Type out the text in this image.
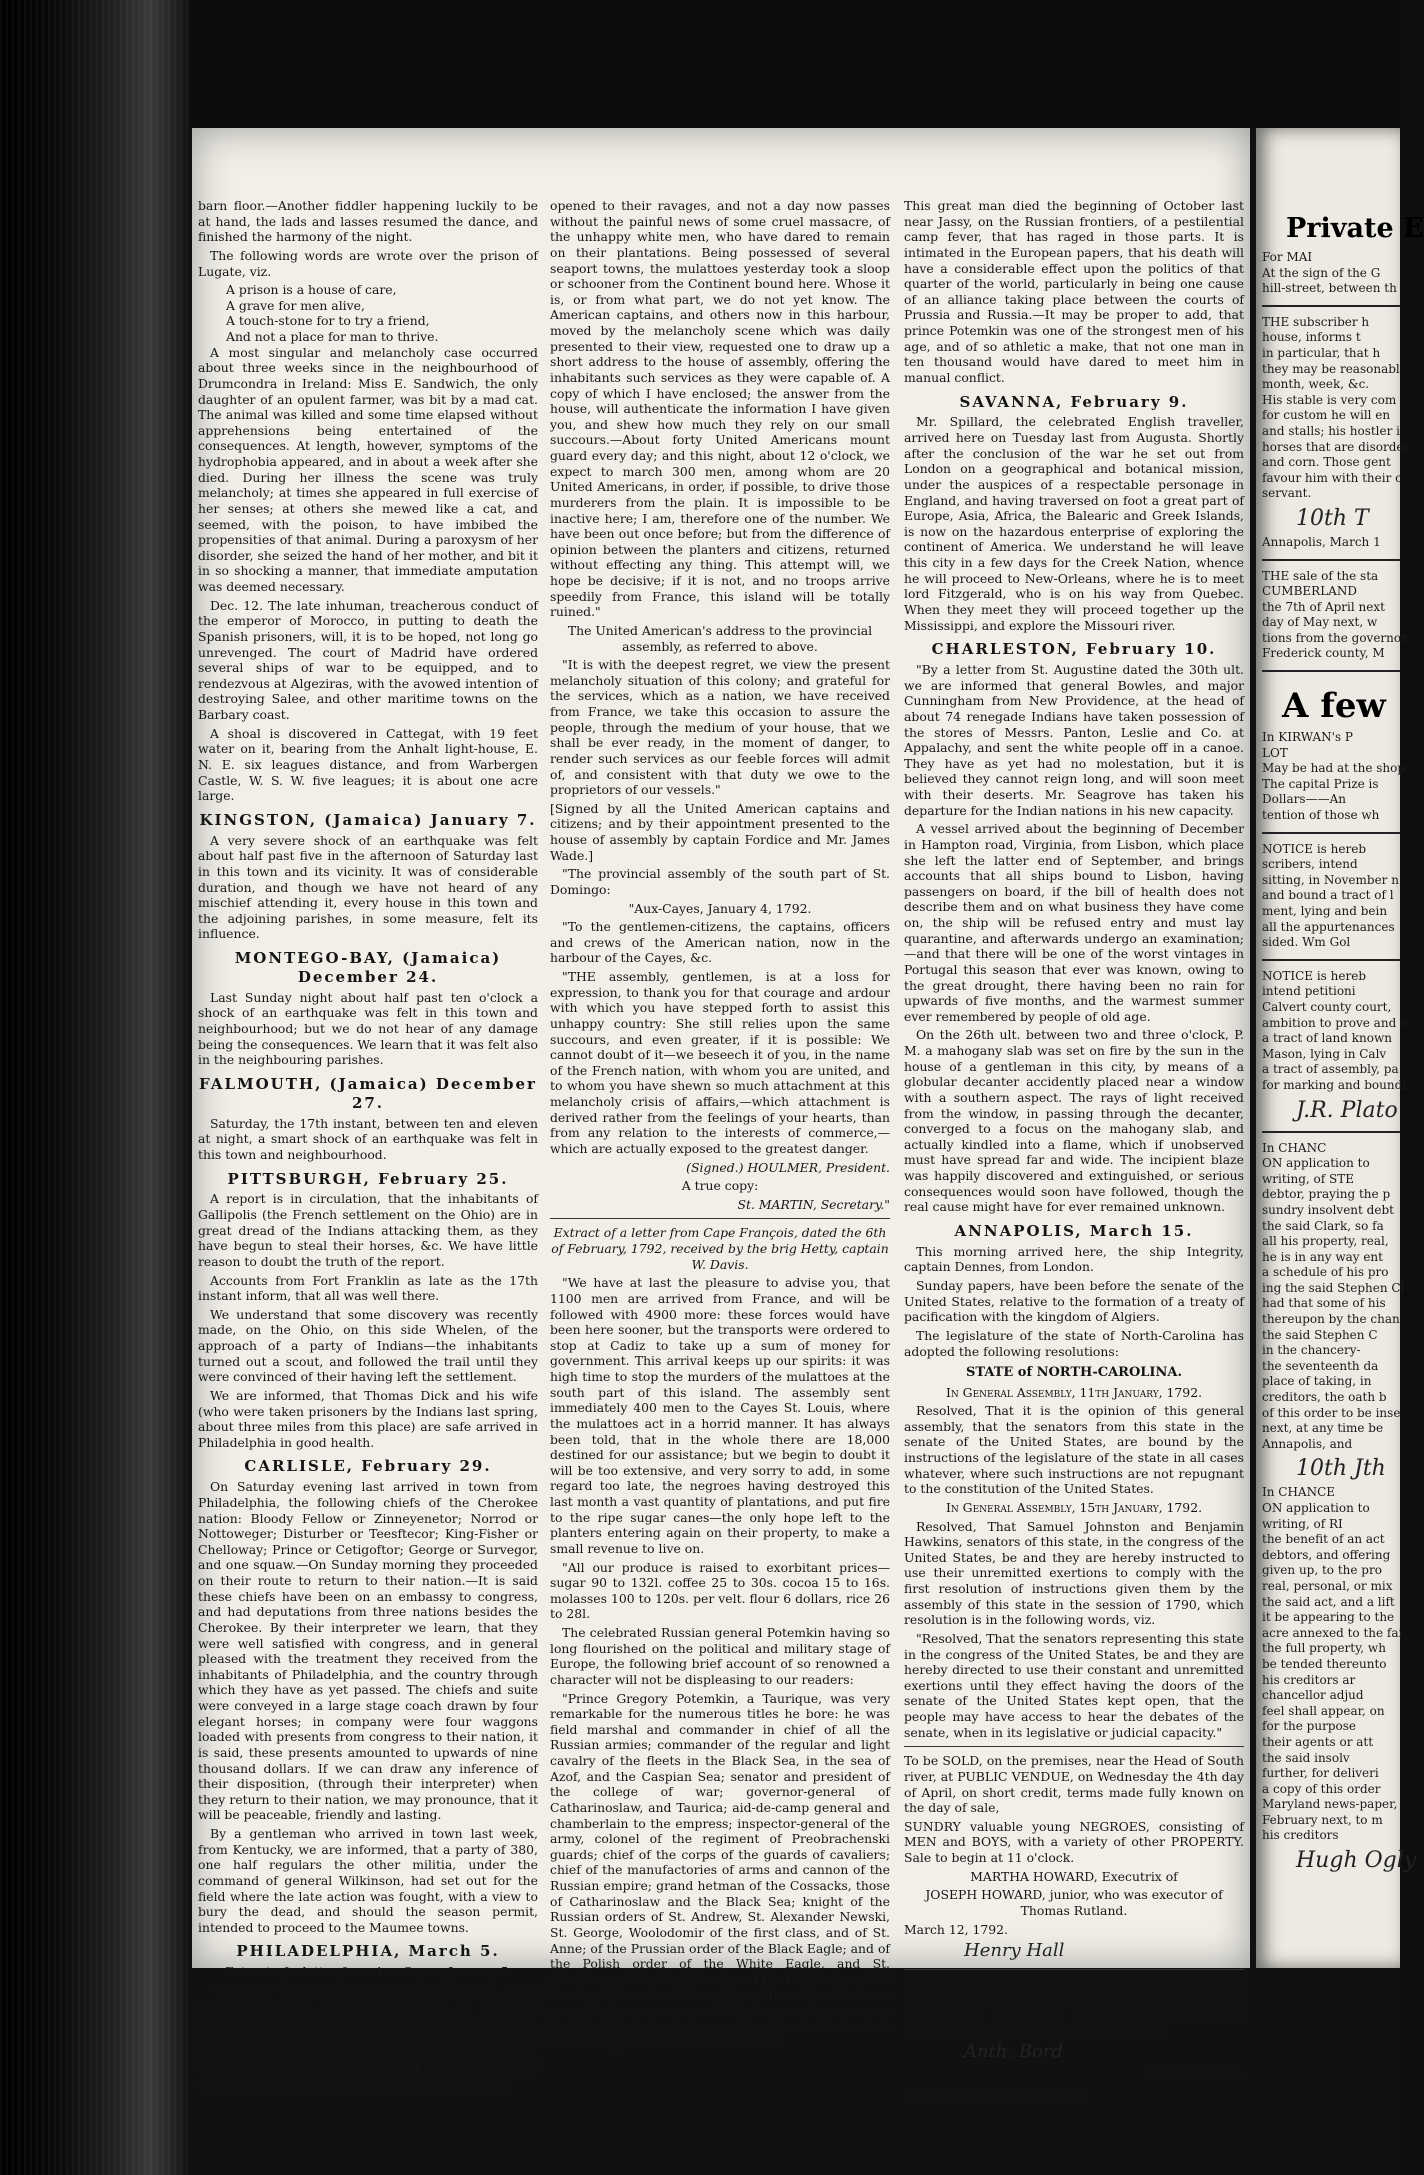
barn floor.—Another fiddler happening luckily to be at hand, the lads and lasses resumed the dance, and finished the harmony of the night.

The following words are wrote over the prison of Lugate, viz.

A prison is a house of care,

A grave for men alive,

A touch-stone for to try a friend,

And not a place for man to thrive.

A most singular and melancholy case occurred about three weeks since in the neighbourhood of Drumcondra in Ireland: Miss E. Sandwich, the only daughter of an opulent farmer, was bit by a mad cat. The animal was killed and some time elapsed without apprehensions being entertained of the consequences. At length, however, symptoms of the hydrophobia appeared, and in about a week after she died. During her illness the scene was truly melancholy; at times she appeared in full exercise of her senses; at others she mewed like a cat, and seemed, with the poison, to have imbibed the propensities of that animal. During a paroxysm of her disorder, she seized the hand of her mother, and bit it in so shocking a manner, that immediate amputation was deemed necessary.

Dec. 12. The late inhuman, treacherous conduct of the emperor of Morocco, in putting to death the Spanish prisoners, will, it is to be hoped, not long go unrevenged. The court of Madrid have ordered several ships of war to be equipped, and to rendezvous at Algeziras, with the avowed intention of destroying Salee, and other maritime towns on the Barbary coast.

A shoal is discovered in Cattegat, with 19 feet water on it, bearing from the Anhalt light-house, E. N. E. six leagues distance, and from Warbergen Castle, W. S. W. five leagues; it is about one acre large.

KINGSTON, (Jamaica) January 7.

A very severe shock of an earthquake was felt about half past five in the afternoon of Saturday last in this town and its vicinity. It was of considerable duration, and though we have not heard of any mischief attending it, every house in this town and the adjoining parishes, in some measure, felt its influence.

MONTEGO-BAY, (Jamaica) December 24.

Last Sunday night about half past ten o'clock a shock of an earthquake was felt in this town and neighbourhood; but we do not hear of any damage being the consequences. We learn that it was felt also in the neighbouring parishes.

FALMOUTH, (Jamaica) December 27.

Saturday, the 17th instant, between ten and eleven at night, a smart shock of an earthquake was felt in this town and neighbourhood.

PITTSBURGH, February 25.

A report is in circulation, that the inhabitants of Gallipolis (the French settlement on the Ohio) are in great dread of the Indians attacking them, as they have begun to steal their horses, &c. We have little reason to doubt the truth of the report.

Accounts from Fort Franklin as late as the 17th instant inform, that all was well there.

We understand that some discovery was recently made, on the Ohio, on this side Whelen, of the approach of a party of Indians—the inhabitants turned out a scout, and followed the trail until they were convinced of their having left the settlement.

We are informed, that Thomas Dick and his wife (who were taken prisoners by the Indians last spring, about three miles from this place) are safe arrived in Philadelphia in good health.

CARLISLE, February 29.

On Saturday evening last arrived in town from Philadelphia, the following chiefs of the Cherokee nation: Bloody Fellow or Zinneyenetor; Norrod or Nottoweger; Disturber or Teesftecor; King-Fisher or Chelloway; Prince or Cetigoftor; George or Survegor, and one squaw.—On Sunday morning they proceeded on their route to return to their nation.—It is said these chiefs have been on an embassy to congress, and had deputations from three nations besides the Cherokee. By their interpreter we learn, that they were well satisfied with congress, and in general pleased with the treatment they received from the inhabitants of Philadelphia, and the country through which they have as yet passed. The chiefs and suite were conveyed in a large stage coach drawn by four elegant horses; in company were four waggons loaded with presents from congress to their nation, it is said, these presents amounted to upwards of nine thousand dollars. If we can draw any inference of their disposition, (through their interpreter) when they return to their nation, we may pronounce, that it will be peaceable, friendly and lasting.

By a gentleman who arrived in town last week, from Kentucky, we are informed, that a party of 380, one half regulars the other militia, under the command of general Wilkinson, had set out for the field where the late action was fought, with a view to bury the dead, and should the season permit, intended to proceed to the Maumee towns.

PHILADELPHIA, March 5.

Extract of a letter from Aux-Cayes, January 5.

"The truly melancholy situation of this place, takes up our attention. The mulattoes are, in short, in possession of every thing on this side of the island, except this town; which is the asylum at present of all the wretched fugitives from the different parts of it. The plain of the Cayes, the most beautiful country ever given to man, was, the day before yesterday,

opened to their ravages, and not a day now passes without the painful news of some cruel massacre, of the unhappy white men, who have dared to remain on their plantations. Being possessed of several seaport towns, the mulattoes yesterday took a sloop or schooner from the Continent bound here. Whose it is, or from what part, we do not yet know. The American captains, and others now in this harbour, moved by the melancholy scene which was daily presented to their view, requested one to draw up a short address to the house of assembly, offering the inhabitants such services as they were capable of. A copy of which I have enclosed; the answer from the house, will authenticate the information I have given you, and shew how much they rely on our small succours.—About forty United Americans mount guard every day; and this night, about 12 o'clock, we expect to march 300 men, among whom are 20 United Americans, in order, if possible, to drive those murderers from the plain. It is impossible to be inactive here; I am, therefore one of the number. We have been out once before; but from the difference of opinion between the planters and citizens, returned without effecting any thing. This attempt will, we hope be decisive; if it is not, and no troops arrive speedily from France, this island will be totally ruined."

The United American's address to the provincial assembly, as referred to above.

"It is with the deepest regret, we view the present melancholy situation of this colony; and grateful for the services, which as a nation, we have received from France, we take this occasion to assure the people, through the medium of your house, that we shall be ever ready, in the moment of danger, to render such services as our feeble forces will admit of, and consistent with that duty we owe to the proprietors of our vessels."

[Signed by all the United American captains and citizens; and by their appointment presented to the house of assembly by captain Fordice and Mr. James Wade.]

"The provincial assembly of the south part of St. Domingo:

"Aux-Cayes, January 4, 1792.

"To the gentlemen-citizens, the captains, officers and crews of the American nation, now in the harbour of the Cayes, &c.

"THE assembly, gentlemen, is at a loss for expression, to thank you for that courage and ardour with which you have stepped forth to assist this unhappy country: She still relies upon the same succours, and even greater, if it is possible: We cannot doubt of it—we beseech it of you, in the name of the French nation, with whom you are united, and to whom you have shewn so much attachment at this melancholy crisis of affairs,—which attachment is derived rather from the feelings of your hearts, than from any relation to the interests of commerce,—which are actually exposed to the greatest danger.

(Signed.) HOULMER, President.

A true copy:

St. MARTIN, Secretary."

Extract of a letter from Cape François, dated the 6th of February, 1792, received by the brig Hetty, captain W. Davis.

"We have at last the pleasure to advise you, that 1100 men are arrived from France, and will be followed with 4900 more: these forces would have been here sooner, but the transports were ordered to stop at Cadiz to take up a sum of money for government. This arrival keeps up our spirits: it was high time to stop the murders of the mulattoes at the south part of this island. The assembly sent immediately 400 men to the Cayes St. Louis, where the mulattoes act in a horrid manner. It has always been told, that in the whole there are 18,000 destined for our assistance; but we begin to doubt it will be too extensive, and very sorry to add, in some regard too late, the negroes having destroyed this last month a vast quantity of plantations, and put fire to the ripe sugar canes—the only hope left to the planters entering again on their property, to make a small revenue to live on.

"All our produce is raised to exorbitant prices—sugar 90 to 132l. coffee 25 to 30s. cocoa 15 to 16s. molasses 100 to 120s. per velt. flour 6 dollars, rice 26 to 28l.

The celebrated Russian general Potemkin having so long flourished on the political and military stage of Europe, the following brief account of so renowned a character will not be displeasing to our readers:

"Prince Gregory Potemkin, a Taurique, was very remarkable for the numerous titles he bore: he was field marshal and commander in chief of all the Russian armies; commander of the regular and light cavalry of the fleets in the Black Sea, in the sea of Azof, and the Caspian Sea; senator and president of the college of war; governor-general of Catharinoslaw, and Taurica; aid-de-camp general and chamberlain to the empress; inspector-general of the army, colonel of the regiment of Preobrachenski guards; chief of the corps of the guards of cavaliers; chief of the manufactories of arms and cannon of the Russian empire; grand hetman of the Cossacks, those of Catharinoslaw and the Black Sea; knight of the Russian orders of St. Andrew, St. Alexander Newski, St. George, Woolodomir of the first class, and of St. Anne; of the Prussian order of the Black Eagle; and of the Polish order of the White Eagle, and St. Stanislaw; of the Danish order of the Elephant; and of the Swedish order of Seraphims. His career has been very glorious, no reverse of fortune or disgrace ever tarnished it; but whatever enterprises he undertook were always crowned with success."

This great man died the beginning of October last near Jassy, on the Russian frontiers, of a pestilential camp fever, that has raged in those parts. It is intimated in the European papers, that his death will have a considerable effect upon the politics of that quarter of the world, particularly in being one cause of an alliance taking place between the courts of Prussia and Russia.—It may be proper to add, that prince Potemkin was one of the strongest men of his age, and of so athletic a make, that not one man in ten thousand would have dared to meet him in manual conflict.

SAVANNA, February 9.

Mr. Spillard, the celebrated English traveller, arrived here on Tuesday last from Augusta. Shortly after the conclusion of the war he set out from London on a geographical and botanical mission, under the auspices of a respectable personage in England, and having traversed on foot a great part of Europe, Asia, Africa, the Balearic and Greek Islands, is now on the hazardous enterprise of exploring the continent of America. We understand he will leave this city in a few days for the Creek Nation, whence he will proceed to New-Orleans, where he is to meet lord Fitzgerald, who is on his way from Quebec. When they meet they will proceed together up the Mississippi, and explore the Missouri river.

CHARLESTON, February 10.

"By a letter from St. Augustine dated the 30th ult. we are informed that general Bowles, and major Cunningham from New Providence, at the head of about 74 renegade Indians have taken possession of the stores of Messrs. Panton, Leslie and Co. at Appalachy, and sent the white people off in a canoe. They have as yet had no molestation, but it is believed they cannot reign long, and will soon meet with their deserts. Mr. Seagrove has taken his departure for the Indian nations in his new capacity.

A vessel arrived about the beginning of December in Hampton road, Virginia, from Lisbon, which place she left the latter end of September, and brings accounts that all ships bound to Lisbon, having passengers on board, if the bill of health does not describe them and on what business they have come on, the ship will be refused entry and must lay quarantine, and afterwards undergo an examination;—and that there will be one of the worst vintages in Portugal this season that ever was known, owing to the great drought, there having been no rain for upwards of five months, and the warmest summer ever remembered by people of old age.

On the 26th ult. between two and three o'clock, P. M. a mahogany slab was set on fire by the sun in the house of a gentleman in this city, by means of a globular decanter accidently placed near a window with a southern aspect. The rays of light received from the window, in passing through the decanter, converged to a focus on the mahogany slab, and actually kindled into a flame, which if unobserved must have spread far and wide. The incipient blaze was happily discovered and extinguished, or serious consequences would soon have followed, though the real cause might have for ever remained unknown.

ANNAPOLIS, March 15.

This morning arrived here, the ship Integrity, captain Dennes, from London.

Sunday papers, have been before the senate of the United States, relative to the formation of a treaty of pacification with the kingdom of Algiers.

The legislature of the state of North-Carolina has adopted the following resolutions:

STATE of NORTH-CAROLINA.

In General Assembly, 11th January, 1792.

Resolved, That it is the opinion of this general assembly, that the senators from this state in the senate of the United States, are bound by the instructions of the legislature of the state in all cases whatever, where such instructions are not repugnant to the constitution of the United States.

In General Assembly, 15th January, 1792.

Resolved, That Samuel Johnston and Benjamin Hawkins, senators of this state, in the congress of the United States, be and they are hereby instructed to use their unremitted exertions to comply with the first resolution of instructions given them by the assembly of this state in the session of 1790, which resolution is in the following words, viz.

"Resolved, That the senators representing this state in the congress of the United States, be and they are hereby directed to use their constant and unremitted exertions until they effect having the doors of the senate of the United States kept open, that the people may have access to hear the debates of the senate, when in its legislative or judicial capacity."

To be SOLD, on the premises, near the Head of South river, at PUBLIC VENDUE, on Wednesday the 4th day of April, on short credit, terms made fully known on the day of sale,

SUNDRY valuable young NEGROES, consisting of MEN and BOYS, with a variety of other PROPERTY. Sale to begin at 11 o'clock.

MARTHA HOWARD, Executrix of

JOSEPH HOWARD, junior, who was executor of Thomas Rutland.

March 12, 1792.

Henry Hall

NOTICE is hereby given, that the subscriber intends petitioning the general assembly of this state, at their next sitting, for an act to release his body from confinement for debts he is unable to pay.

Anth. Bord

GEORGE BIRD.

Cecil county, March 1, 1792.

Private E
For MAI
At the sign of the G
hill-street, between th
THE subscriber h
house, informs t
in particular, that h
they may be reasonabl
month, week, &c.
His stable is very com
for custom he will en
and stalls; his hostler i
horses that are disorder
and corn. Those gent
favour him with their c
servant.
10th T
Annapolis, March 1
THE sale of the sta
CUMBERLAND
the 7th of April next
day of May next, w
tions from the governor
Frederick county, M
A few
In KIRWAN's P
LOT
May be had at the shop
The capital Prize is
Dollars——An
tention of those wh
NOTICE is hereb
scribers, intend
sitting, in November n
and bound a tract of l
ment, lying and bein
all the appurtenances
sided. Wm Gol
NOTICE is hereb
intend petitioni
Calvert county court,
ambition to prove and e
a tract of land known
Mason, lying in Calv
a tract of assembly, pa
for marking and boundi
J.R. Plato
In CHANC
ON application to
writing, of STE
debtor, praying the p
sundry insolvent debt
the said Clark, so fa
all his property, real,
he is in any way ent
a schedule of his pro
ing the said Stephen Cl
had that some of his
thereupon by the chan
the said Stephen C
in the chancery-
the seventeenth da
place of taking, in
creditors, the oath b
of this order to be inse
next, at any time be
Annapolis, and
10th Jth
In CHANCE
ON application to
writing, of RI
the benefit of an act
debtors, and offering
given up, to the pro
real, personal, or mix
the said act, and a lift
it be appearing to the
acre annexed to the fai
the full property, wh
be tended thereunto
his creditors ar
chancellor adjud
feel shall appear, on
for the purpose
their agents or att
the said insolv
further, for deliveri
a copy of this order
Maryland news-paper,
February next, to m
his creditors
Hugh Ogly
